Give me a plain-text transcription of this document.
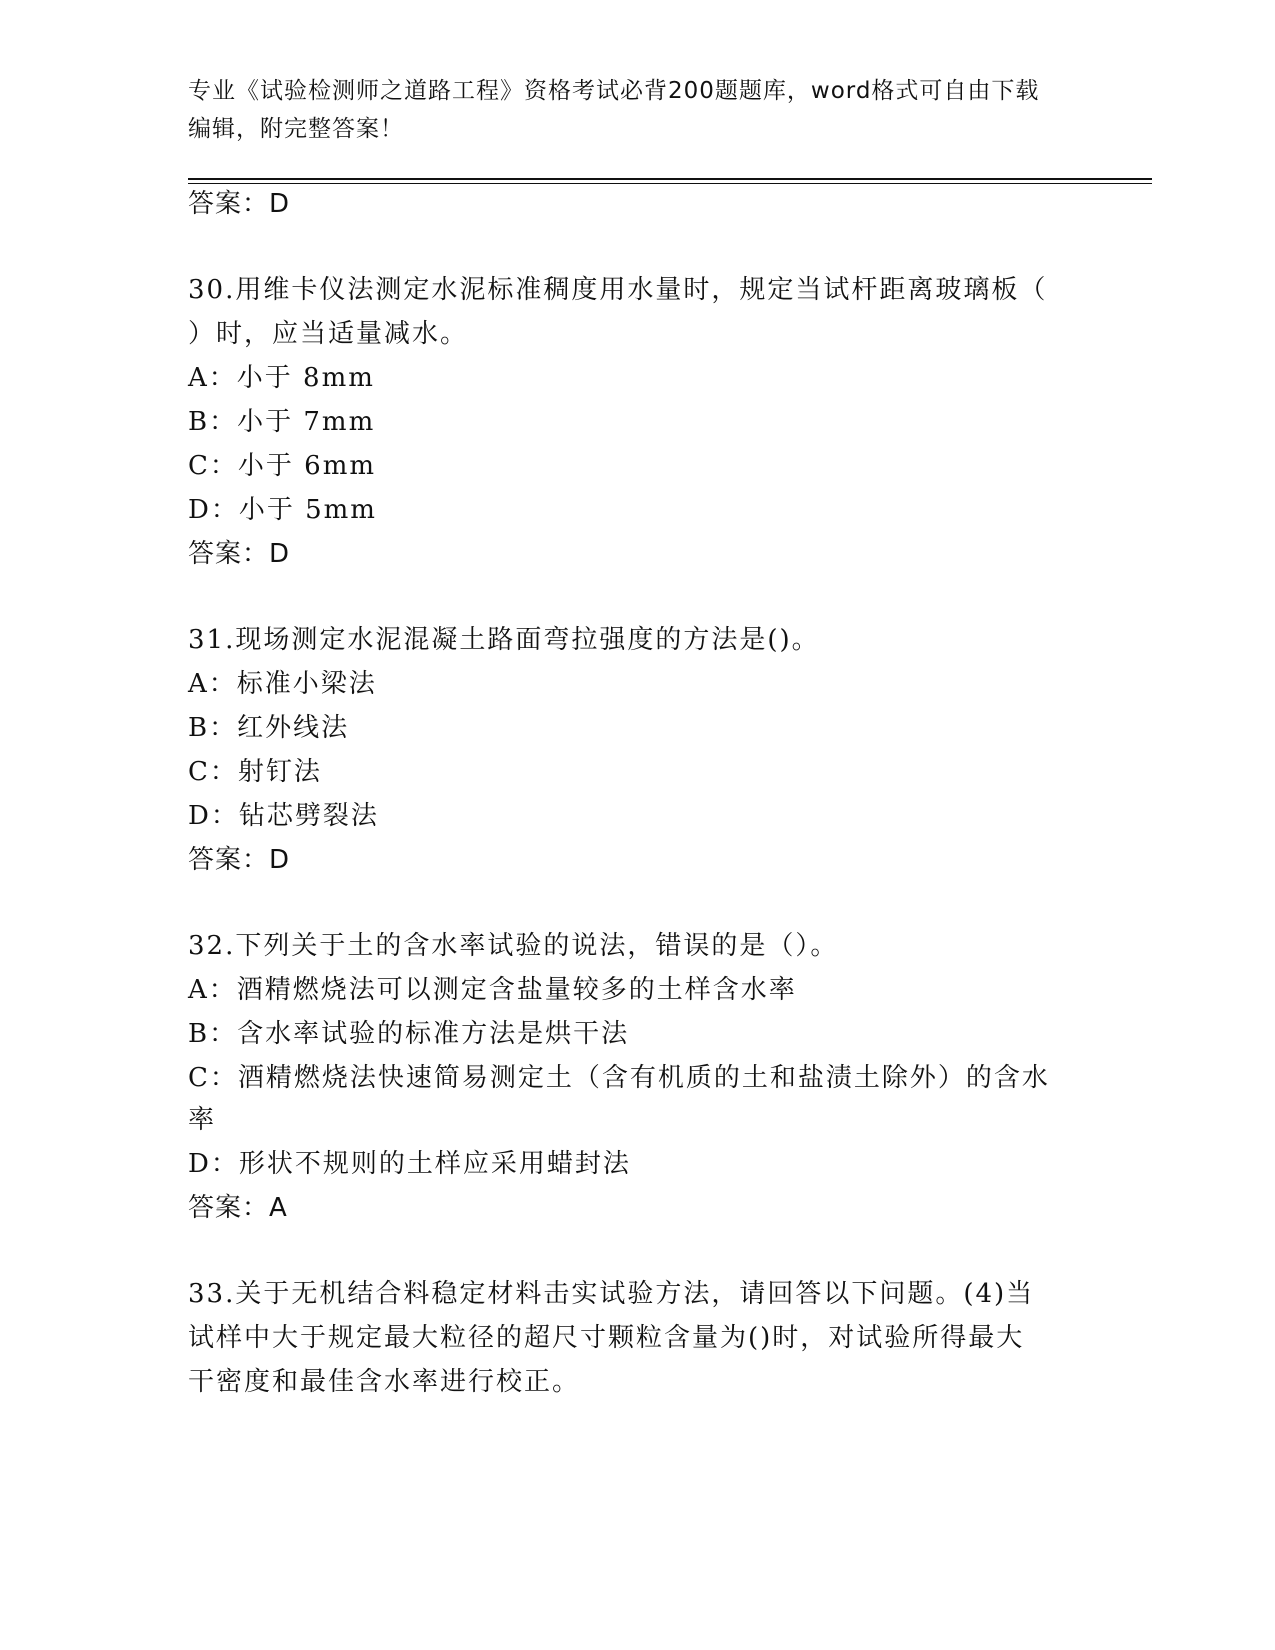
专业《试验检测师之道路工程》资格考试必背200题题库，word格式可自由下载
编辑，附完整答案！
答案：D
30.用维卡仪法测定水泥标准稠度用水量时，规定当试杆距离玻璃板（
）时，应当适量减水。
A：小于 8mm
B：小于 7mm
C：小于 6mm
D：小于 5mm
答案：D
31.现场测定水泥混凝土路面弯拉强度的方法是()。
A：标准小梁法
B：红外线法
C：射钉法
D：钻芯劈裂法
答案：D
32.下列关于土的含水率试验的说法，错误的是（）。
A：酒精燃烧法可以测定含盐量较多的土样含水率
B：含水率试验的标准方法是烘干法
C：酒精燃烧法快速简易测定土（含有机质的土和盐渍土除外）的含水
率
D：形状不规则的土样应采用蜡封法
答案：A
33.关于无机结合料稳定材料击实试验方法，请回答以下问题。(4)当
试样中大于规定最大粒径的超尺寸颗粒含量为()时，对试验所得最大
干密度和最佳含水率进行校正。
